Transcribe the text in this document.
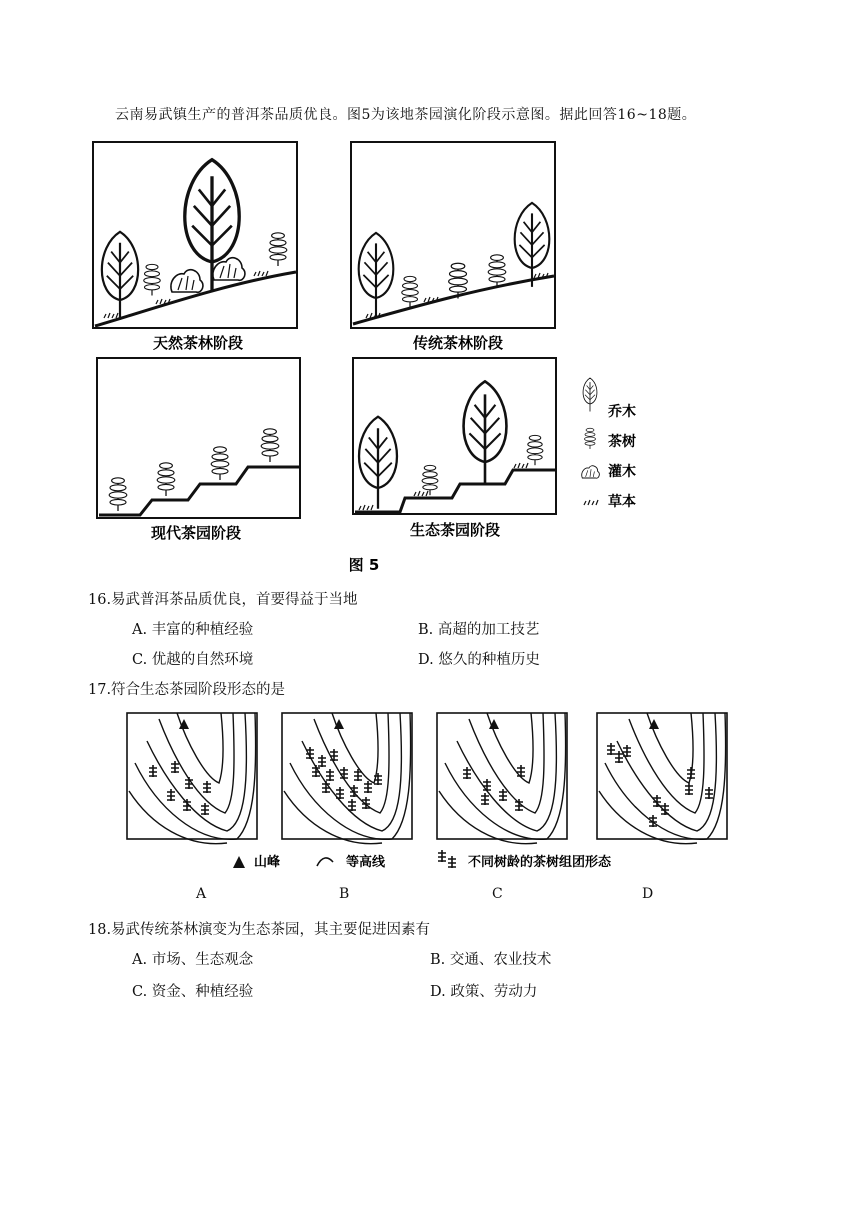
云南易武镇生产的普洱茶品质优良。图5为该地茶园演化阶段示意图。据此回答16~18题。
天然茶林阶段	传统茶林阶段
现代茶园阶段	生态茶园阶段
乔木
茶树
灌木
草本
图 5
16.易武普洱茶品质优良，首要得益于当地
A. 丰富的种植经验	B. 高超的加工技艺
C. 优越的自然环境	D. 悠久的种植历史
17.符合生态茶园阶段形态的是
山峰	等高线	不同树龄的茶树组团形态
A	B	C	D
18.易武传统茶林演变为生态茶园，其主要促进因素有
A. 市场、生态观念	B. 交通、农业技术
C. 资金、种植经验	D. 政策、劳动力
